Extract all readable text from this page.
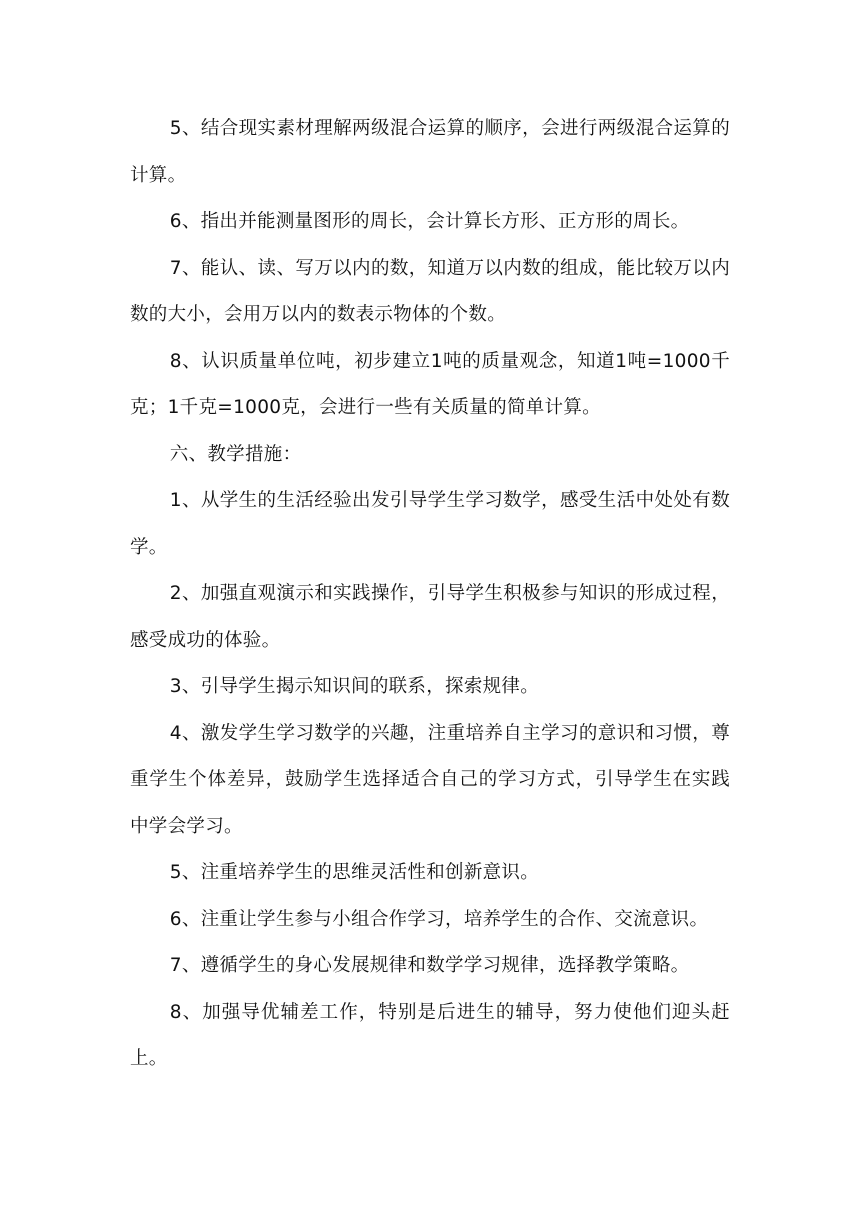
5、结合现实素材理解两级混合运算的顺序，会进行两级混合运算的计算。

6、指出并能测量图形的周长，会计算长方形、正方形的周长。

7、能认、读、写万以内的数，知道万以内数的组成，能比较万以内数的大小，会用万以内的数表示物体的个数。

8、认识质量单位吨，初步建立1吨的质量观念，知道1吨=1000千克；1千克=1000克，会进行一些有关质量的简单计算。

六、教学措施：

1、从学生的生活经验出发引导学生学习数学，感受生活中处处有数学。

2、加强直观演示和实践操作，引导学生积极参与知识的形成过程，感受成功的体验。

3、引导学生揭示知识间的联系，探索规律。

4、激发学生学习数学的兴趣，注重培养自主学习的意识和习惯，尊重学生个体差异，鼓励学生选择适合自己的学习方式，引导学生在实践中学会学习。

5、注重培养学生的思维灵活性和创新意识。

6、注重让学生参与小组合作学习，培养学生的合作、交流意识。

7、遵循学生的身心发展规律和数学学习规律，选择教学策略。

8、加强导优辅差工作，特别是后进生的辅导，努力使他们迎头赶上。
